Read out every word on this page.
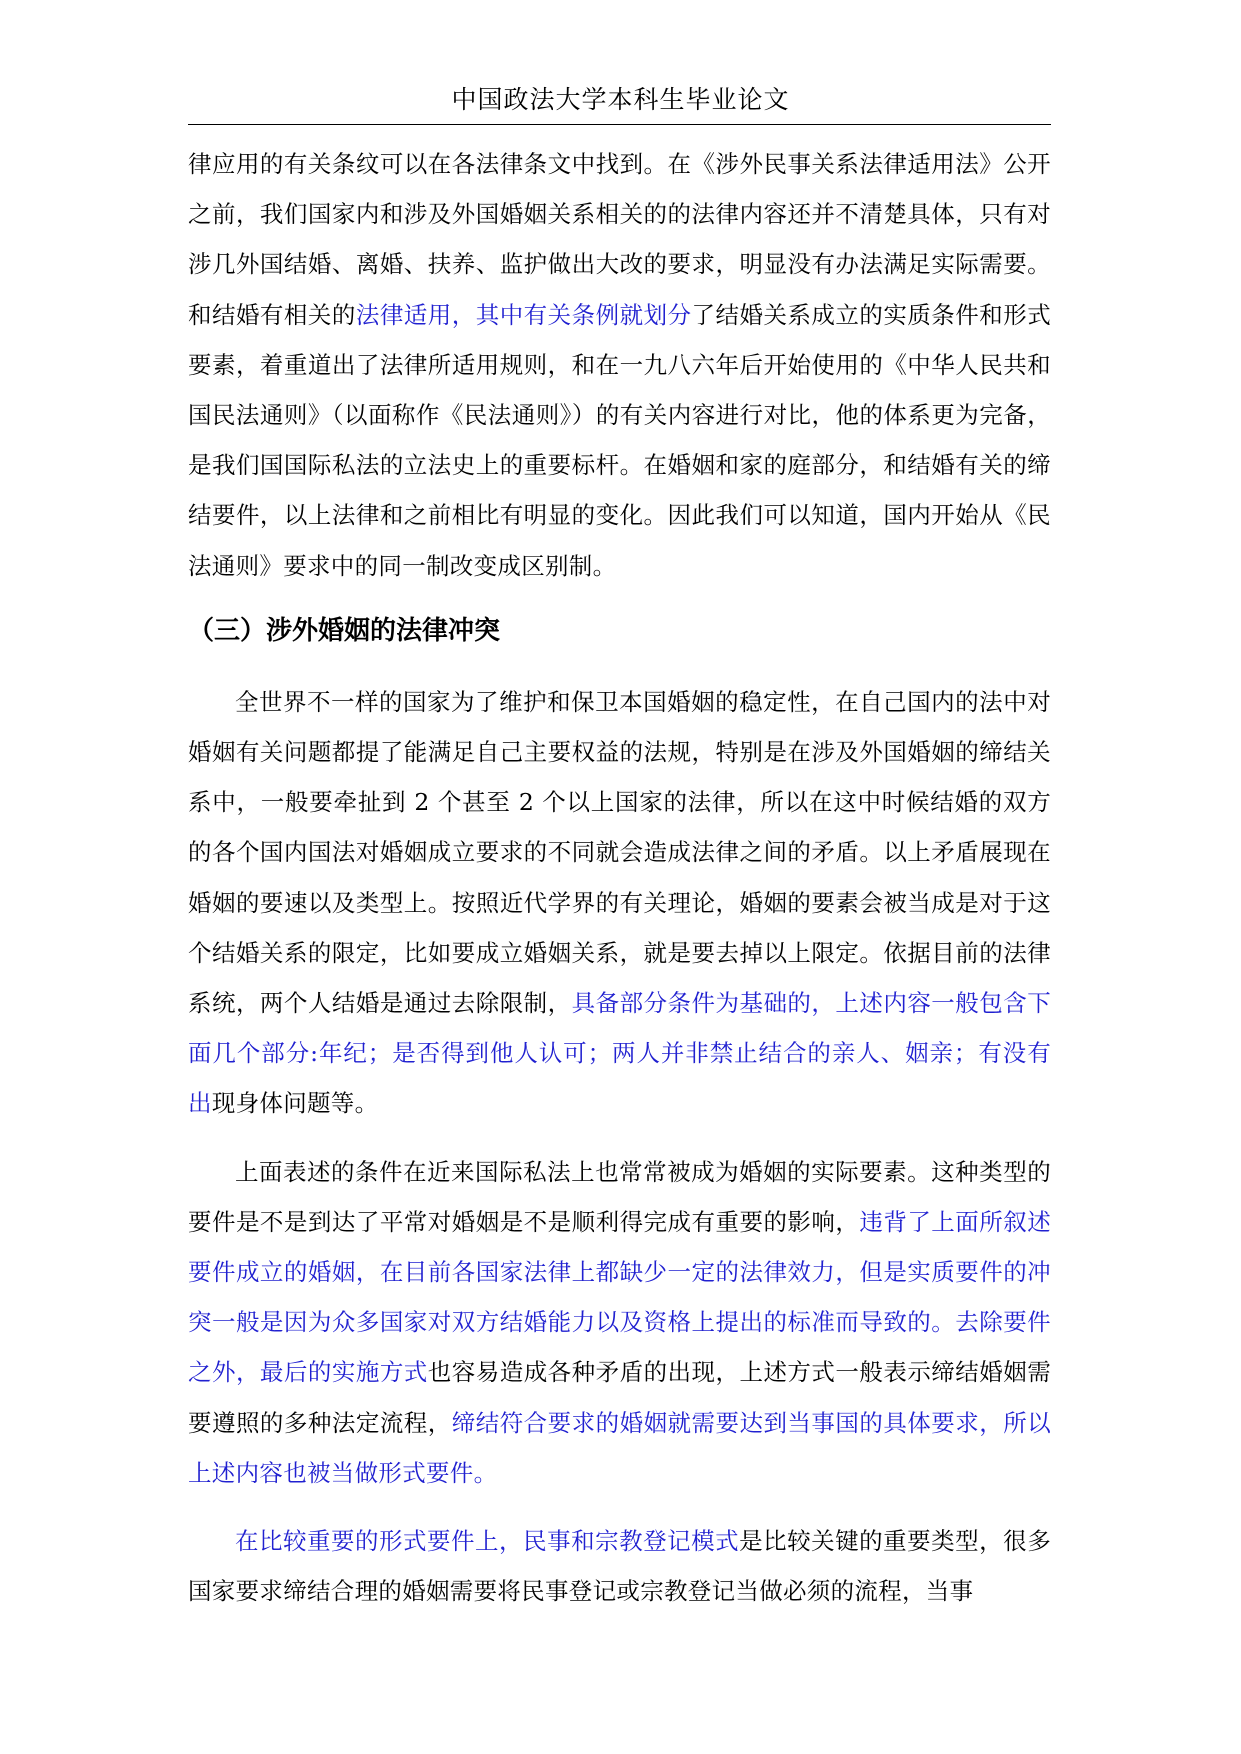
中国政法大学本科生毕业论文

律应用的有关条纹可以在各法律条文中找到。在《涉外民事关系法律适用法》公开之前，我们国家内和涉及外国婚姻关系相关的的法律内容还并不清楚具体，只有对涉几外国结婚、离婚、扶养、监护做出大改的要求，明显没有办法满足实际需要。和结婚有相关的法律适用，其中有关条例就划分了结婚关系成立的实质条件和形式要素，着重道出了法律所适用规则，和在一九八六年后开始使用的《中华人民共和国民法通则》（以面称作《民法通则》）的有关内容进行对比，他的体系更为完备，是我们国国际私法的立法史上的重要标杆。在婚姻和家的庭部分，和结婚有关的缔结要件，以上法律和之前相比有明显的变化。因此我们可以知道，国内开始从《民法通则》要求中的同一制改变成区别制。

（三）涉外婚姻的法律冲突

全世界不一样的国家为了维护和保卫本国婚姻的稳定性，在自己国内的法中对婚姻有关问题都提了能满足自己主要权益的法规，特别是在涉及外国婚姻的缔结关系中，一般要牵扯到 2 个甚至 2 个以上国家的法律，所以在这中时候结婚的双方的各个国内国法对婚姻成立要求的不同就会造成法律之间的矛盾。以上矛盾展现在婚姻的要速以及类型上。按照近代学界的有关理论，婚姻的要素会被当成是对于这个结婚关系的限定，比如要成立婚姻关系，就是要去掉以上限定。依据目前的法律系统，两个人结婚是通过去除限制，具备部分条件为基础的，上述内容一般包含下面几个部分:年纪；是否得到他人认可；两人并非禁止结合的亲人、姻亲；有没有出现身体问题等。

上面表述的条件在近来国际私法上也常常被成为婚姻的实际要素。这种类型的要件是不是到达了平常对婚姻是不是顺利得完成有重要的影响，违背了上面所叙述要件成立的婚姻，在目前各国家法律上都缺少一定的法律效力，但是实质要件的冲突一般是因为众多国家对双方结婚能力以及资格上提出的标准而导致的。去除要件之外，最后的实施方式也容易造成各种矛盾的出现，上述方式一般表示缔结婚姻需要遵照的多种法定流程，缔结符合要求的婚姻就需要达到当事国的具体要求，所以上述内容也被当做形式要件。

在比较重要的形式要件上，民事和宗教登记模式是比较关键的重要类型，很多国家要求缔结合理的婚姻需要将民事登记或宗教登记当做必须的流程，当事
